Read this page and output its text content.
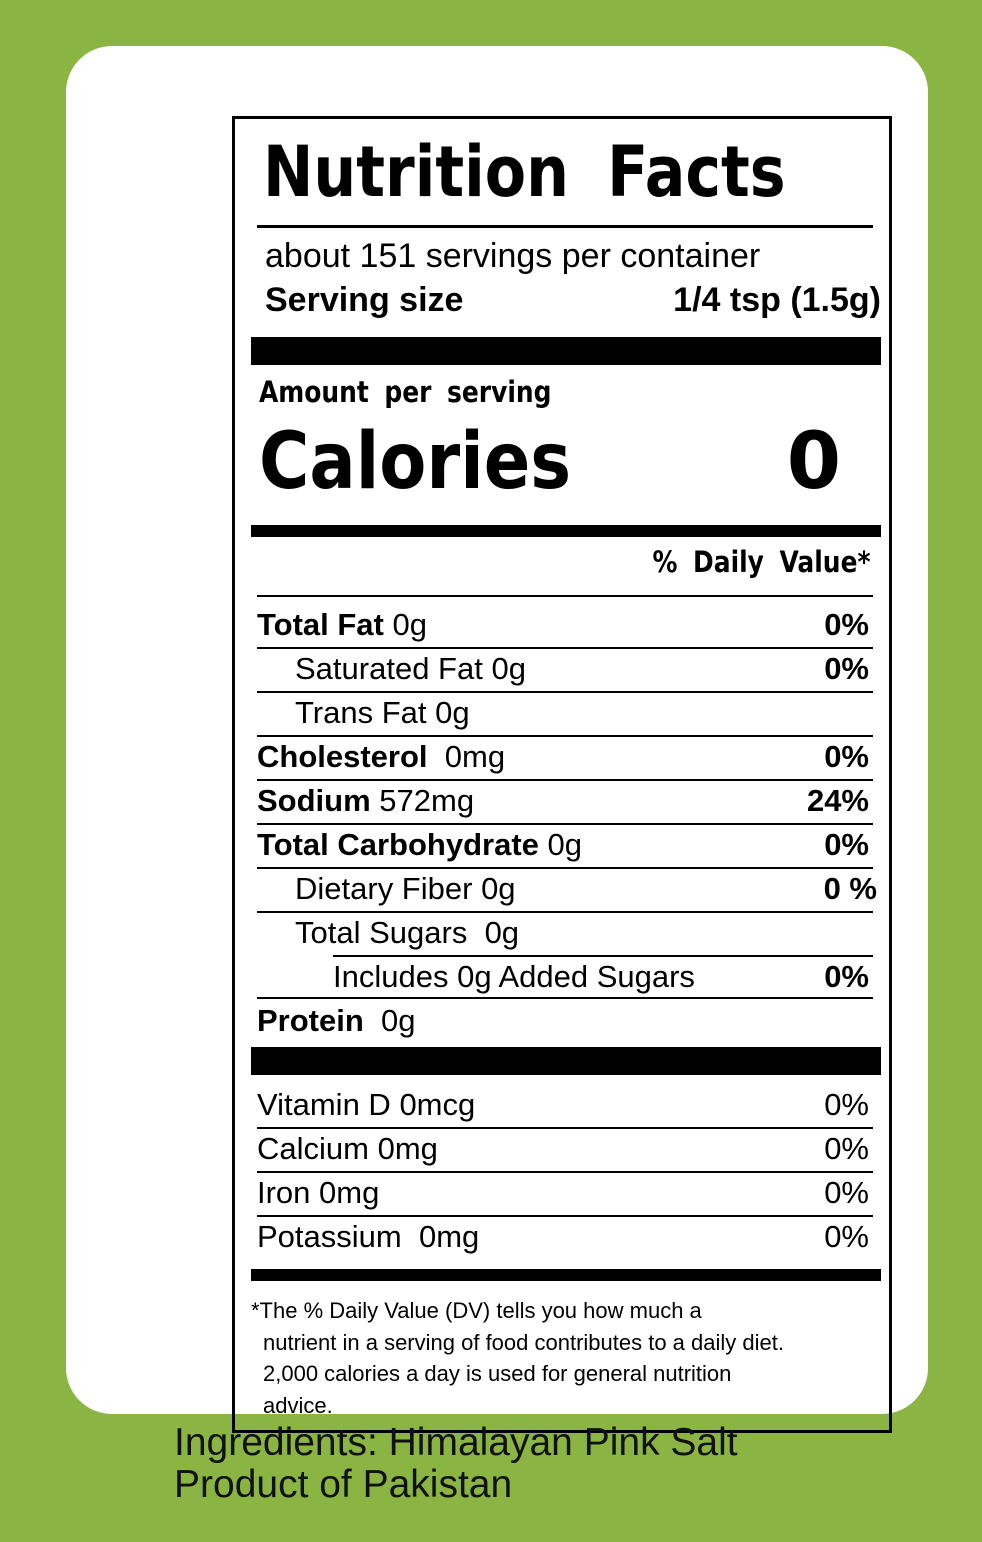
Nutrition Facts
about 151 servings per container
Serving size	1/4 tsp (1.5g)
Amount per serving
Calories	0
% Daily Value*
Total Fat 0g	0%
Saturated Fat 0g	0%
Trans Fat 0g
Cholesterol 0mg	0%
Sodium 572mg	24%
Total Carbohydrate 0g	0%
Dietary Fiber 0g	0 %
Total Sugars 0g
Includes 0g Added Sugars	0%
Protein 0g
Vitamin D 0mcg	0%
Calcium 0mg	0%
Iron 0mg	0%
Potassium 0mg	0%
*The % Daily Value (DV) tells you how much a
nutrient in a serving of food contributes to a daily diet.
2,000 calories a day is used for general nutrition
advice.
Ingredients: Himalayan Pink Salt
Product of Pakistan
